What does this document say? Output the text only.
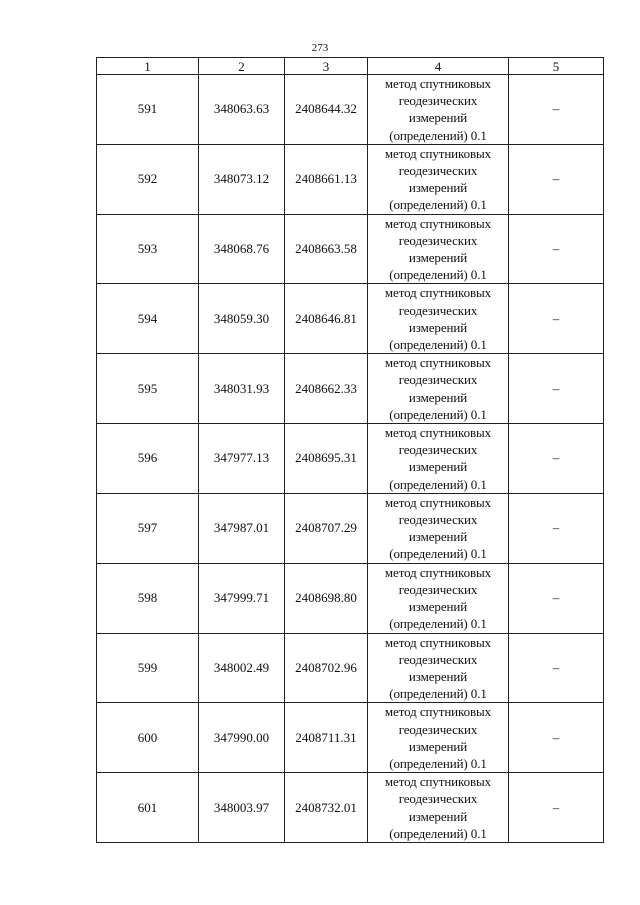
273
1	2	3	4	5
591	348063.63	2408644.32	метод спутниковых
геодезических
измерений
(определений) 0.1	–
592	348073.12	2408661.13	метод спутниковых
геодезических
измерений
(определений) 0.1	–
593	348068.76	2408663.58	метод спутниковых
геодезических
измерений
(определений) 0.1	–
594	348059.30	2408646.81	метод спутниковых
геодезических
измерений
(определений) 0.1	–
595	348031.93	2408662.33	метод спутниковых
геодезических
измерений
(определений) 0.1	–
596	347977.13	2408695.31	метод спутниковых
геодезических
измерений
(определений) 0.1	–
597	347987.01	2408707.29	метод спутниковых
геодезических
измерений
(определений) 0.1	–
598	347999.71	2408698.80	метод спутниковых
геодезических
измерений
(определений) 0.1	–
599	348002.49	2408702.96	метод спутниковых
геодезических
измерений
(определений) 0.1	–
600	347990.00	2408711.31	метод спутниковых
геодезических
измерений
(определений) 0.1	–
601	348003.97	2408732.01	метод спутниковых
геодезических
измерений
(определений) 0.1	–
